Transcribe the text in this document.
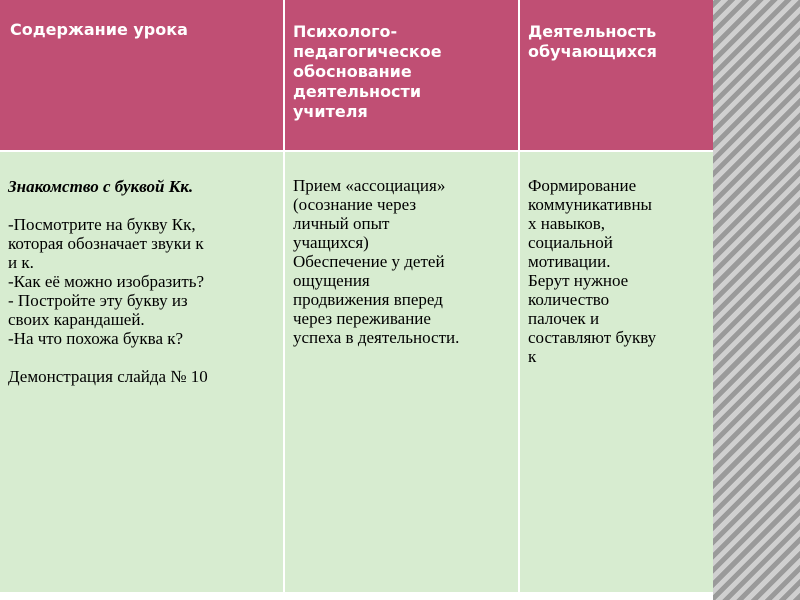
Содержание урока	Психолого-
педагогическое
обоснование
деятельности
учителя
Деятельность
обучающихся

Знакомство с буквой Кк.

-Посмотрите на букву Кк,
которая обозначает звуки к
и к.
-Как её можно изобразить?
- Постройте эту букву из
своих карандашей.
-На что похожа буква к?

Демонстрация слайда № 10

Прием «ассоциация»
(осознание через
личный опыт
учащихся)
Обеспечение у детей
ощущения
продвижения вперед
через переживание
успеха в деятельности.

Формирование
коммуникативны
х навыков,
социальной
мотивации.
Берут нужное
количество
палочек и
составляют букву
к
